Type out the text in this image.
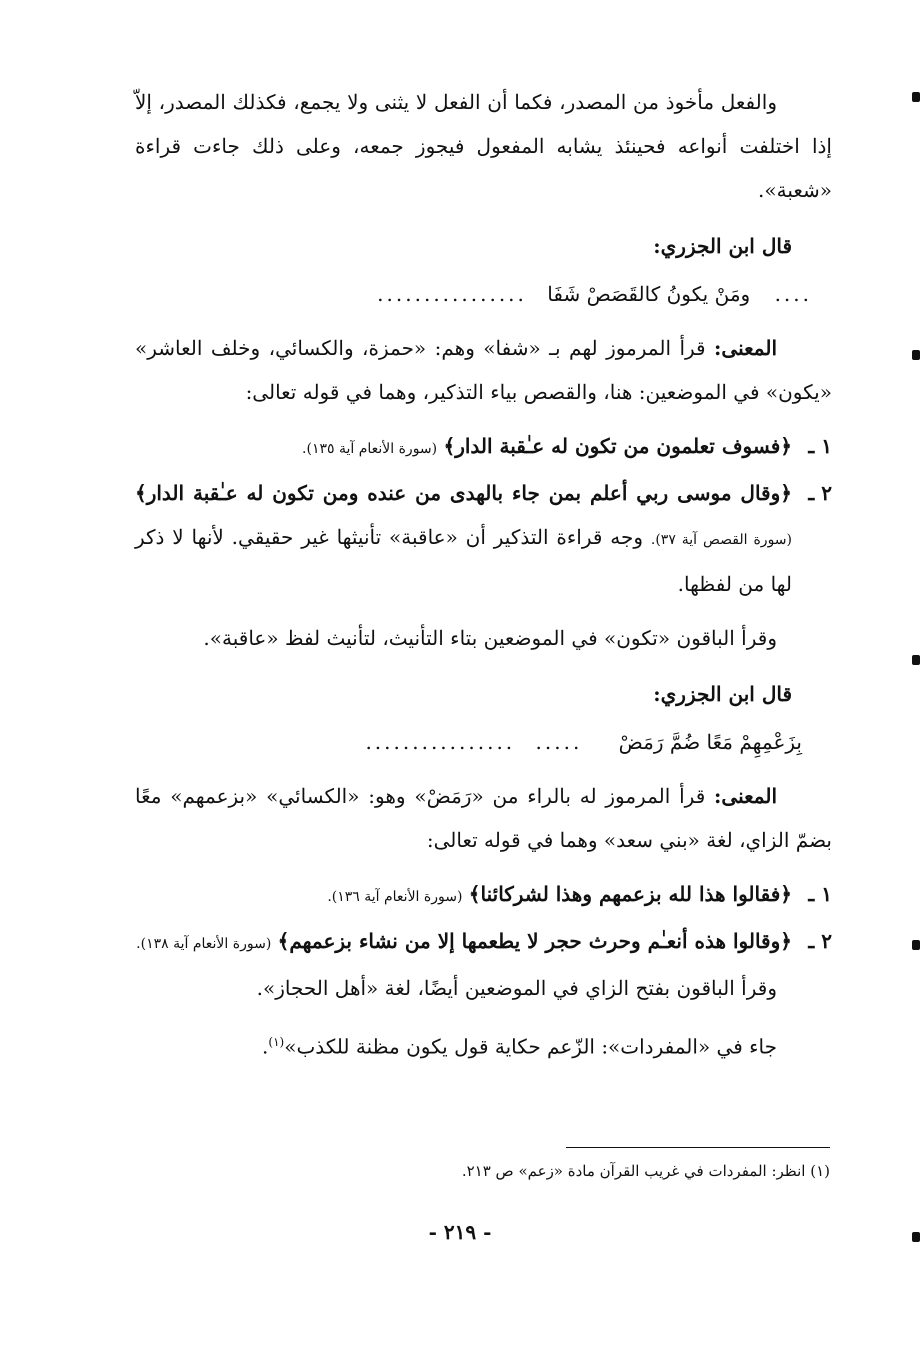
والفعل مأخوذ من المصدر، فكما أن الفعل لا يثنى ولا يجمع، فكذلك المصدر، إلاّ إذا اختلفت أنواعه فحينئذ يشابه المفعول فيجوز جمعه، وعلى ذلك جاءت قراءة «شعبة».

قال ابن الجزري:

.... ومَنْ يكونُ كالقَصَصْ شَفَا ................

المعنى: قرأ المرموز لهم بـ «شفا» وهم: «حمزة، والكسائي، وخلف العاشر» «يكون» في الموضعين: هنا، والقصص بياء التذكير، وهما في قوله تعالى:

١ ـ﴿فسوف تعلمون من تكون له عـٰقبة الدار﴾ (سورة الأنعام آية ١٣٥).

٢ ـ﴿وقال موسى ربي أعلم بمن جاء بالهدى من عنده ومن تكون له عـٰقبة الدار﴾ (سورة القصص آية ٣٧). وجه قراءة التذكير أن «عاقبة» تأنيثها غير حقيقي. لأنها لا ذكر لها من لفظها.

وقرأ الباقون «تكون» في الموضعين بتاء التأنيث، لتأنيث لفظ «عاقبة».

قال ابن الجزري:

بِزَعْمِهِمْ مَعًا ضُمَّ رَمَضْ ..... ................

المعنى: قرأ المرموز له بالراء من «رَمَضْ» وهو: «الكسائي» «بزعمهم» معًا بضمّ الزاي، لغة «بني سعد» وهما في قوله تعالى:

١ ـ﴿فقالوا هذا لله بزعمهم وهذا لشركائنا﴾ (سورة الأنعام آية ١٣٦).

٢ ـ﴿وقالوا هذه أنعـٰم وحرث حجر لا يطعمها إلا من نشاء بزعمهم﴾ (سورة الأنعام آية ١٣٨).

وقرأ الباقون بفتح الزاي في الموضعين أيضًا، لغة «أهل الحجاز».

جاء في «المفردات»: الزّعم حكاية قول يكون مظنة للكذب»$^{(١)}$.

(١) انظر: المفردات في غريب القرآن مادة «زعم» ص ٢١٣.
- ٢١٩ -
